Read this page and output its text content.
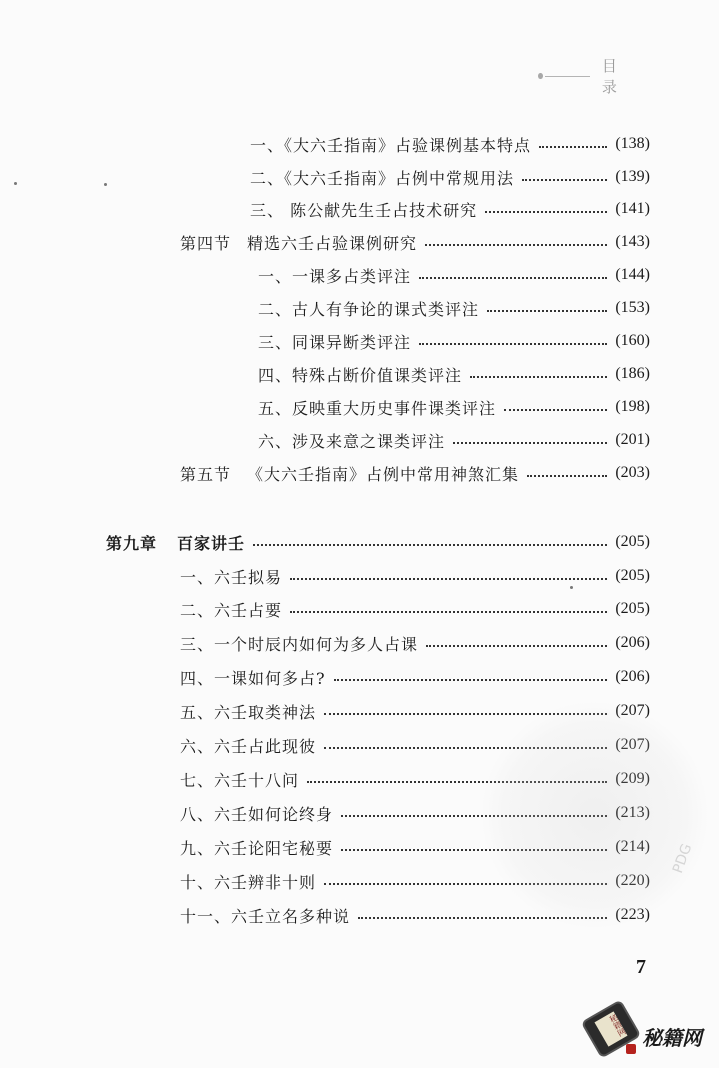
目 录
一、《大六壬指南》占验课例基本特点	(138)
二、《大六壬指南》占例中常规用法	(139)
三、 陈公献先生壬占技术研究	(141)
第四节 精选六壬占验课例研究	(143)
一、一课多占类评注	(144)
二、古人有争论的课式类评注	(153)
三、同课异断类评注	(160)
四、特殊占断价值课类评注	(186)
五、反映重大历史事件课类评注	(198)
六、涉及来意之课类评注	(201)
第五节 《大六壬指南》占例中常用神煞汇集	(203)
第九章 百家讲壬	(205)
一、六壬拟易	(205)
二、六壬占要	(205)
三、一个时辰内如何为多人占课	(206)
四、一课如何多占?	(206)
五、六壬取类神法	(207)
六、六壬占此现彼	(207)
七、六壬十八问	(209)
八、六壬如何论终身	(213)
九、六壬论阳宅秘要	(214)
十、六壬辨非十则	(220)
十一、六壬立名多种说	(223)
7
PDG
秘籍网
秘籍网
